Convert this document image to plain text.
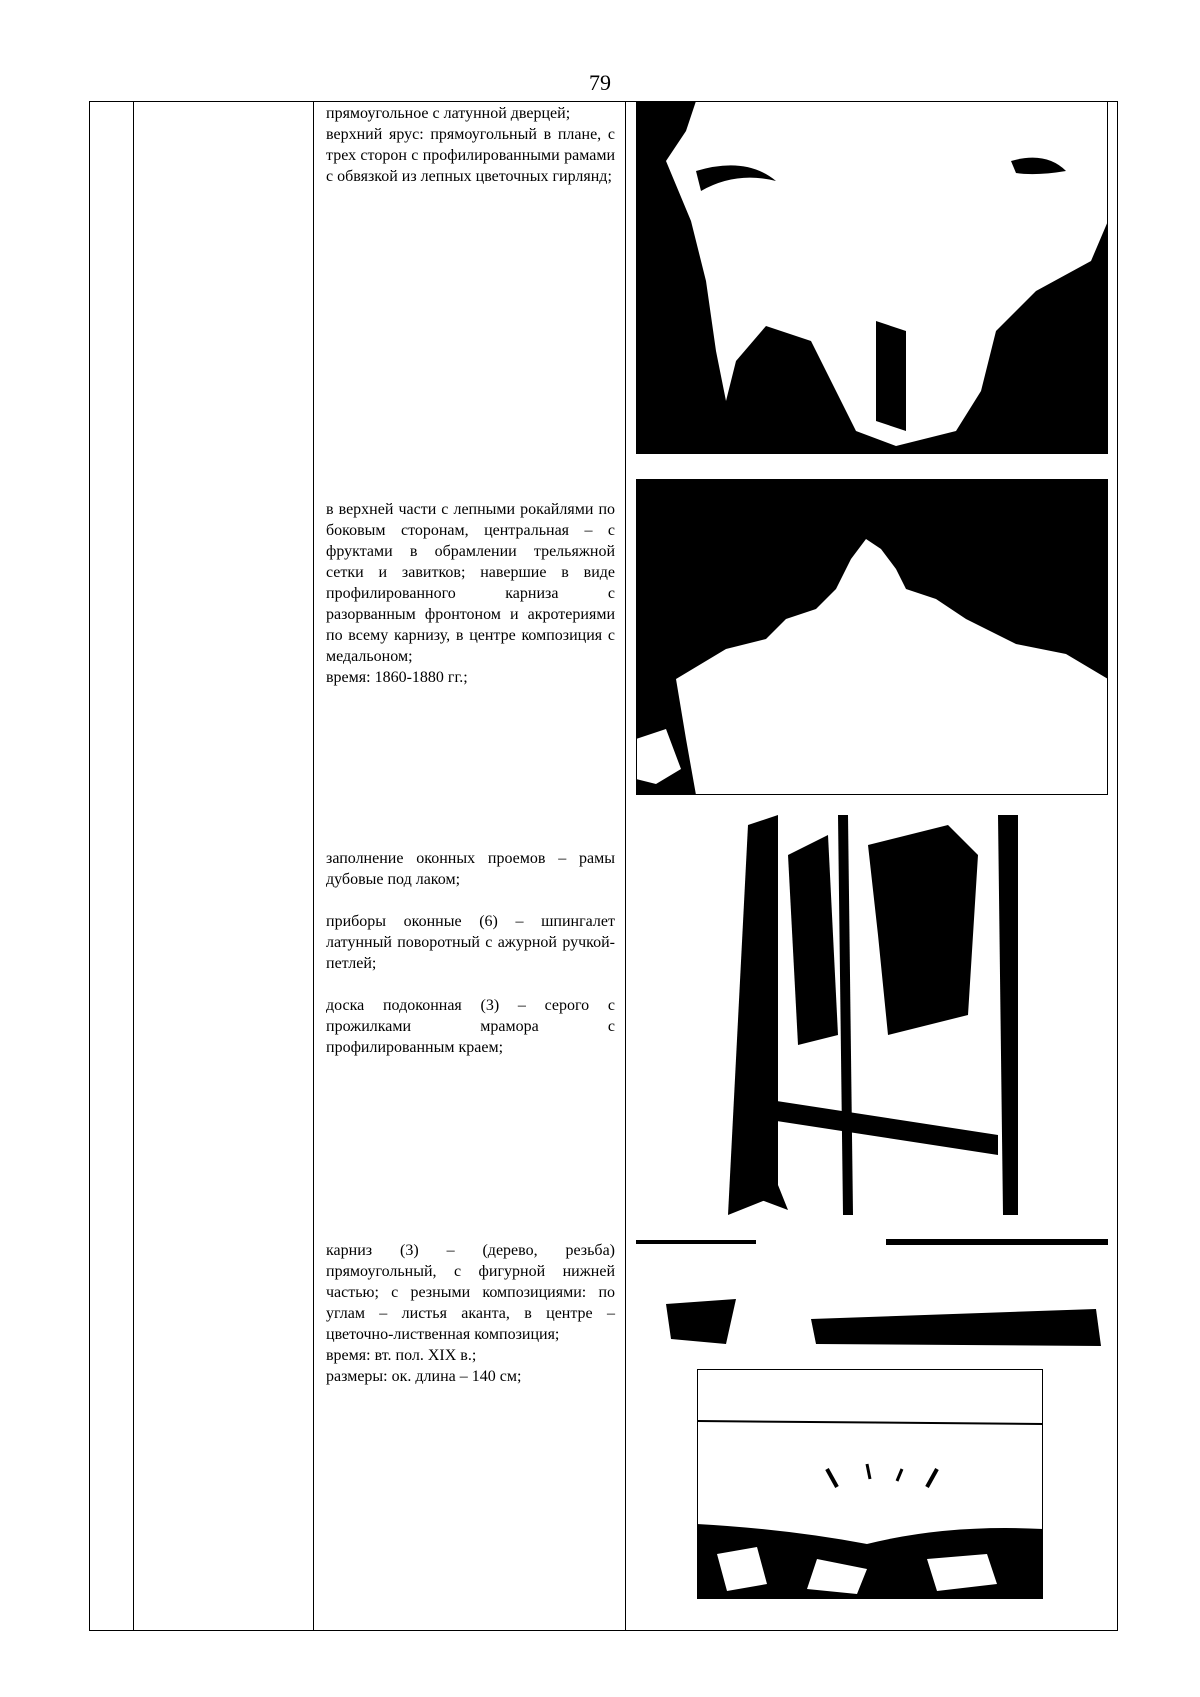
79

прямоугольное с латунной дверцей;

верхний ярус: прямоугольный в плане, с трех сторон с профилированными рамами с обвязкой из лепных цветочных гирлянд;

в верхней части с лепными рокайлями по боковым сторонам, центральная – с фруктами в обрамлении трельяжной сетки и завитков; навершие в виде профилированного карниза с разорванным фронтоном и акротериями по всему карнизу, в центре композиция с медальоном;

время: 1860-1880 гг.;

заполнение оконных проемов – рамы дубовые под лаком;

приборы оконные (6) – шпингалет латунный поворотный с ажурной ручкой-петлей;

доска подоконная (3) – серого с прожилками мрамора с профилированным краем;

карниз (3) – (дерево, резьба) прямоугольный, с фигурной нижней частью; с резными композициями: по углам – листья аканта, в центре – цветочно-лиственная композиция;

время: вт. пол. XIX в.;

размеры: ок. длина – 140 см;
